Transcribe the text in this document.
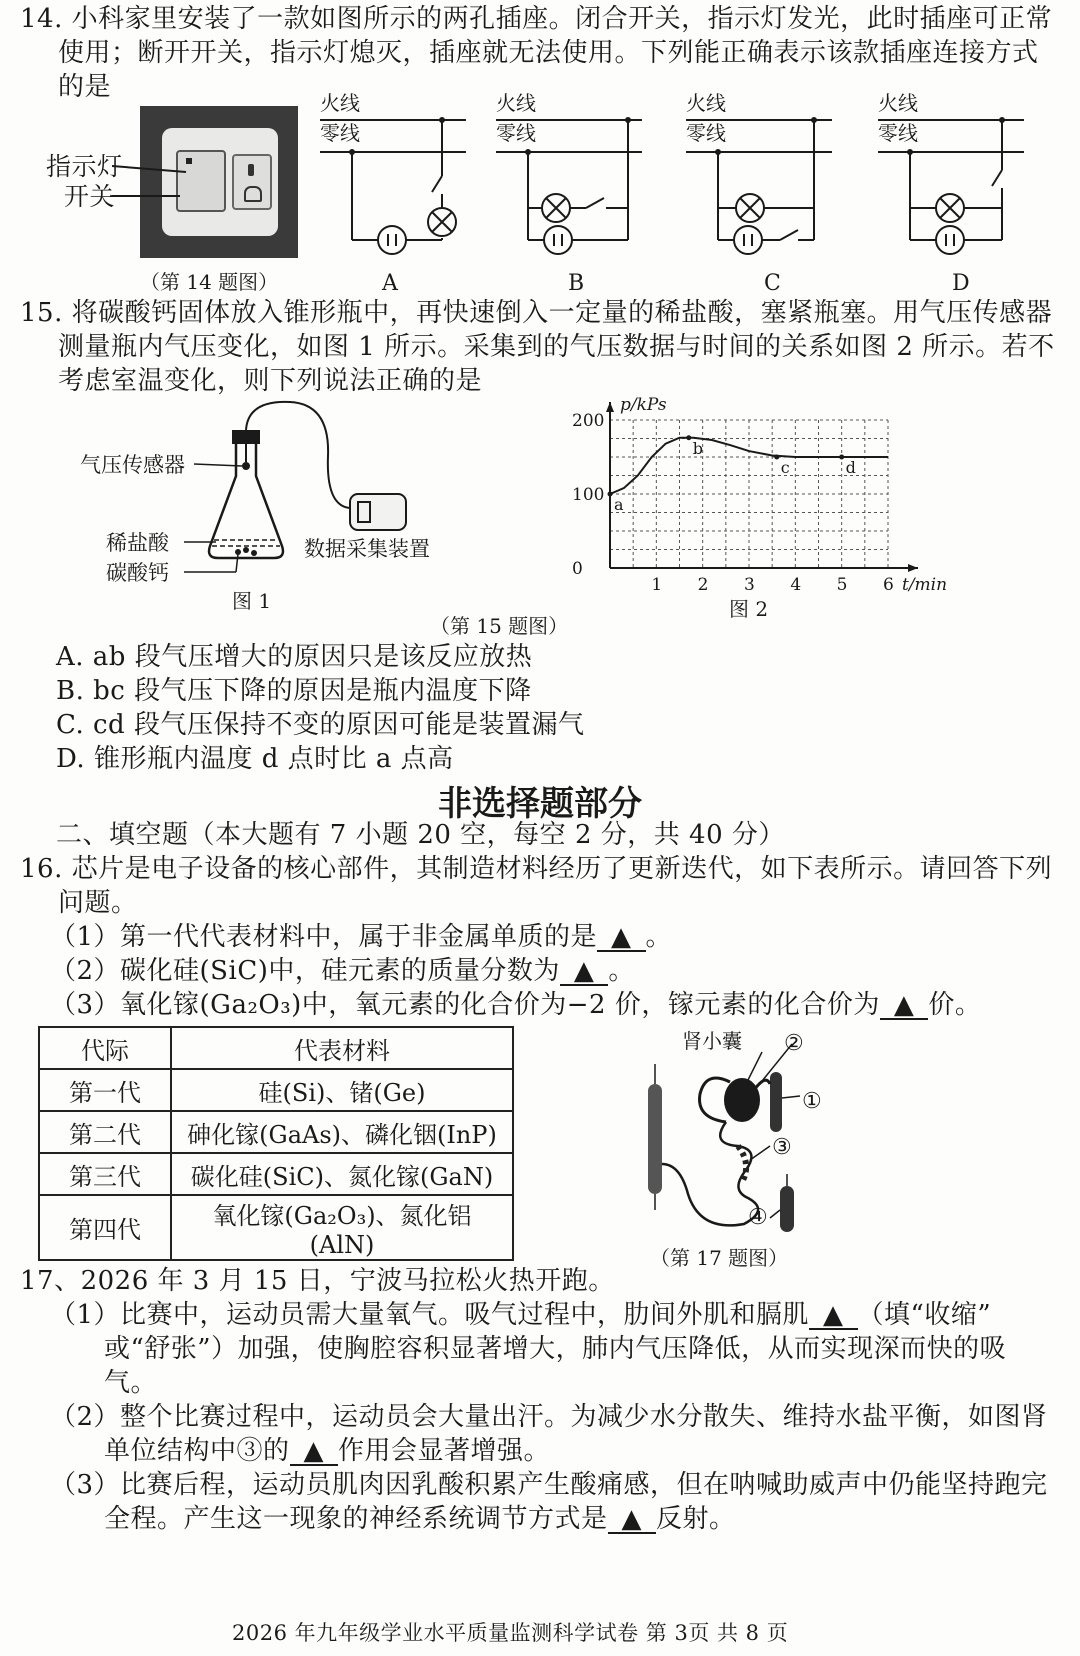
14. 小科家里安装了一款如图所示的两孔插座。闭合开关，指示灯发光，此时插座可正常
使用；断开开关，指示灯熄灭，插座就无法使用。下列能正确表示该款插座连接方式
的是
指示灯
开关
（第 14 题图）
火线
零线
A
火线
零线
B
火线
零线
C
火线
零线
D
15. 将碳酸钙固体放入锥形瓶中，再快速倒入一定量的稀盐酸，塞紧瓶塞。用气压传感器
测量瓶内气压变化，如图 1 所示。采集到的气压数据与时间的关系如图 2 所示。若不
考虑室温变化，则下列说法正确的是
气压传感器
稀盐酸
碳酸钙
数据采集装置
图 1
（第 15 题图）
1 2 3 4 5 6
0
100
200
t/min
p/kPs
a
b
c	d
图 2
A. ab 段气压增大的原因只是该反应放热
B. bc 段气压下降的原因是瓶内温度下降
C. cd 段气压保持不变的原因可能是装置漏气
D. 锥形瓶内温度 d 点时比 a 点高
非选择题部分
二、填空题（本大题有 7 小题 20 空，每空 2 分，共 40 分）
16. 芯片是电子设备的核心部件，其制造材料经历了更新迭代，如下表所示。请回答下列
问题。
（1）第一代代表材料中，属于非金属单质的是 ▲ 。
（2）碳化硅(SiC)中，硅元素的质量分数为 ▲ 。
（3）氧化镓(Ga₂O₃)中，氧元素的化合价为−2 价，镓元素的化合价为 ▲ 价。
代际	代表材料
第一代	硅(Si)、锗(Ge)
第二代	砷化镓(GaAs)、磷化铟(InP)
第三代	碳化硅(SiC)、氮化镓(GaN)
第四代	氧化镓(Ga₂O₃)、氮化铝(AlN)
肾小囊
①
②
③
④
（第 17 题图）
17、2026 年 3 月 15 日，宁波马拉松火热开跑。
（1）比赛中，运动员需大量氧气。吸气过程中，肋间外肌和膈肌 ▲ （填“收缩”
或“舒张”）加强，使胸腔容积显著增大，肺内气压降低，从而实现深而快的吸
气。
（2）整个比赛过程中，运动员会大量出汗。为减少水分散失、维持水盐平衡，如图肾
单位结构中③的 ▲ 作用会显著增强。
（3）比赛后程，运动员肌肉因乳酸积累产生酸痛感，但在呐喊助威声中仍能坚持跑完
全程。产生这一现象的神经系统调节方式是 ▲ 反射。
2026 年九年级学业水平质量监测科学试卷 第 3页 共 8 页
